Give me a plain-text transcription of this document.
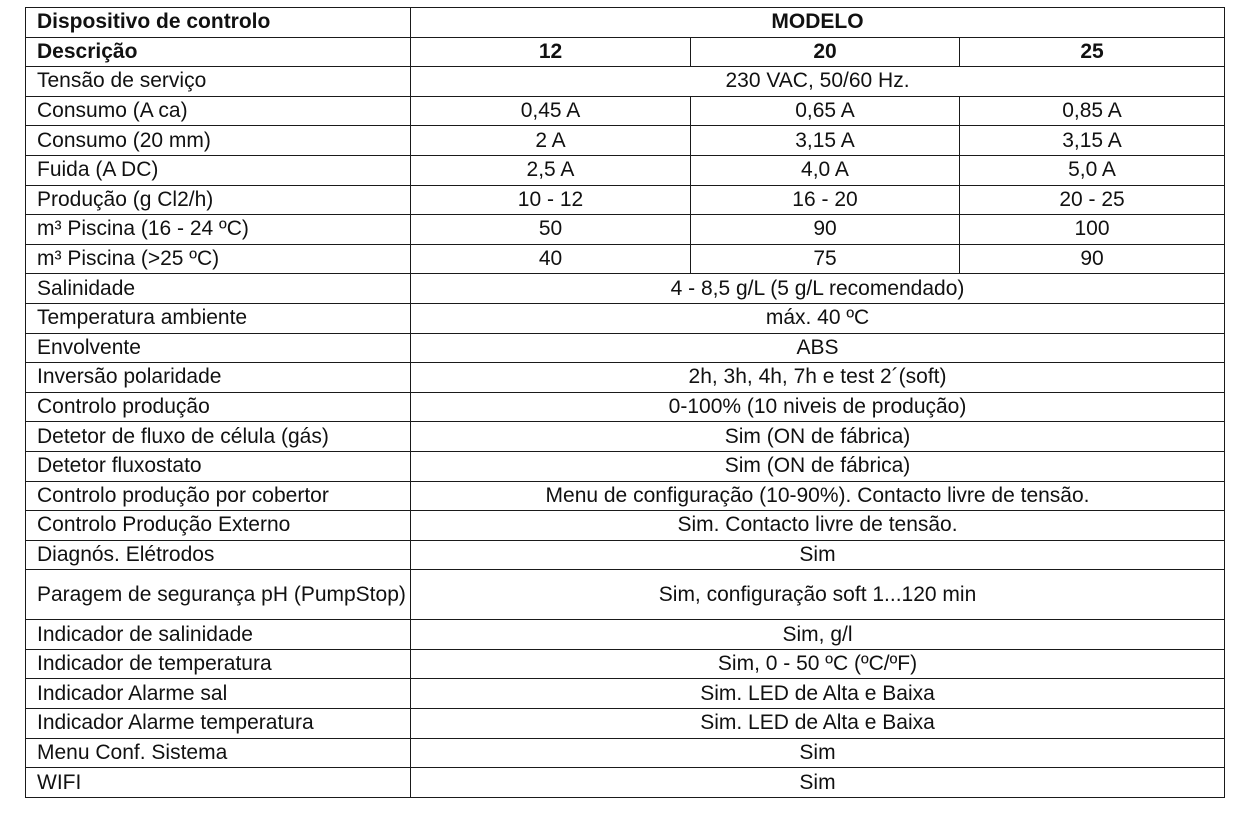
Dispositivo de controlo	MODELO		
Descrição	12	20	25
Tensão de serviço	230 VAC, 50/60 Hz.		
Consumo (A ca)	0,45 A	0,65 A	0,85 A
Consumo (20 mm)	2 A	3,15 A	3,15 A
Fuida (A DC)	2,5 A	4,0 A	5,0 A
Produção (g Cl2/h)	10 - 12	16 - 20	20 - 25
m³ Piscina (16 - 24 ºC)	50	90	100
m³ Piscina (>25 ºC)	40	75	90
Salinidade	4 - 8,5 g/L (5 g/L recomendado)		
Temperatura ambiente	máx. 40 ºC		
Envolvente	ABS		
Inversão polaridade	2h, 3h, 4h, 7h e test 2´(soft)		
Controlo produção	0-100% (10 niveis de produção)		
Detetor de fluxo de célula (gás)	Sim (ON de fábrica)		
Detetor fluxostato	Sim (ON de fábrica)		
Controlo produção por cobertor	Menu de configuração (10-90%). Contacto livre de tensão.		
Controlo Produção Externo	Sim. Contacto livre de tensão.		
Diagnós. Elétrodos	Sim		
Paragem de segurança pH (PumpStop)	Sim, configuração soft 1...120 min		
Indicador de salinidade	Sim, g/l		
Indicador de temperatura	Sim, 0 - 50 ºC (ºC/ºF)		
Indicador Alarme sal	Sim. LED de Alta e Baixa		
Indicador Alarme temperatura	Sim. LED de Alta e Baixa		
Menu Conf. Sistema	Sim		
WIFI	Sim		
